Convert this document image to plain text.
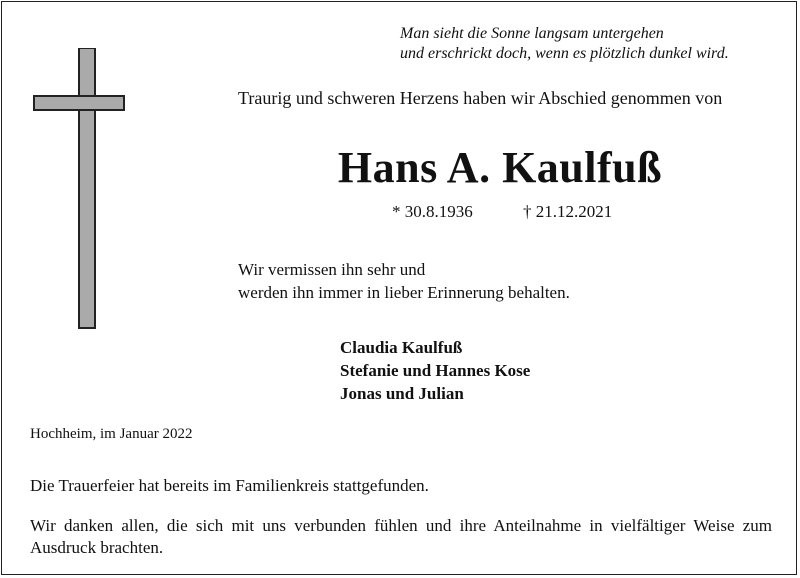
Man sieht die Sonne langsam untergehen
und erschrickt doch, wenn es plötzlich dunkel wird.
Traurig und schweren Herzens haben wir Abschied genommen von
Hans A. Kaulfuß
* 30.8.1936	† 21.12.2021
Wir vermissen ihn sehr und
werden ihn immer in lieber Erinnerung behalten.
Claudia Kaulfuß
Stefanie und Hannes Kose
Jonas und Julian
Hochheim, im Januar 2022
Die Trauerfeier hat bereits im Familienkreis stattgefunden.
Wir danken allen, die sich mit uns verbunden fühlen und ihre Anteilnahme in vielfältiger Weise zum Ausdruck brachten.
